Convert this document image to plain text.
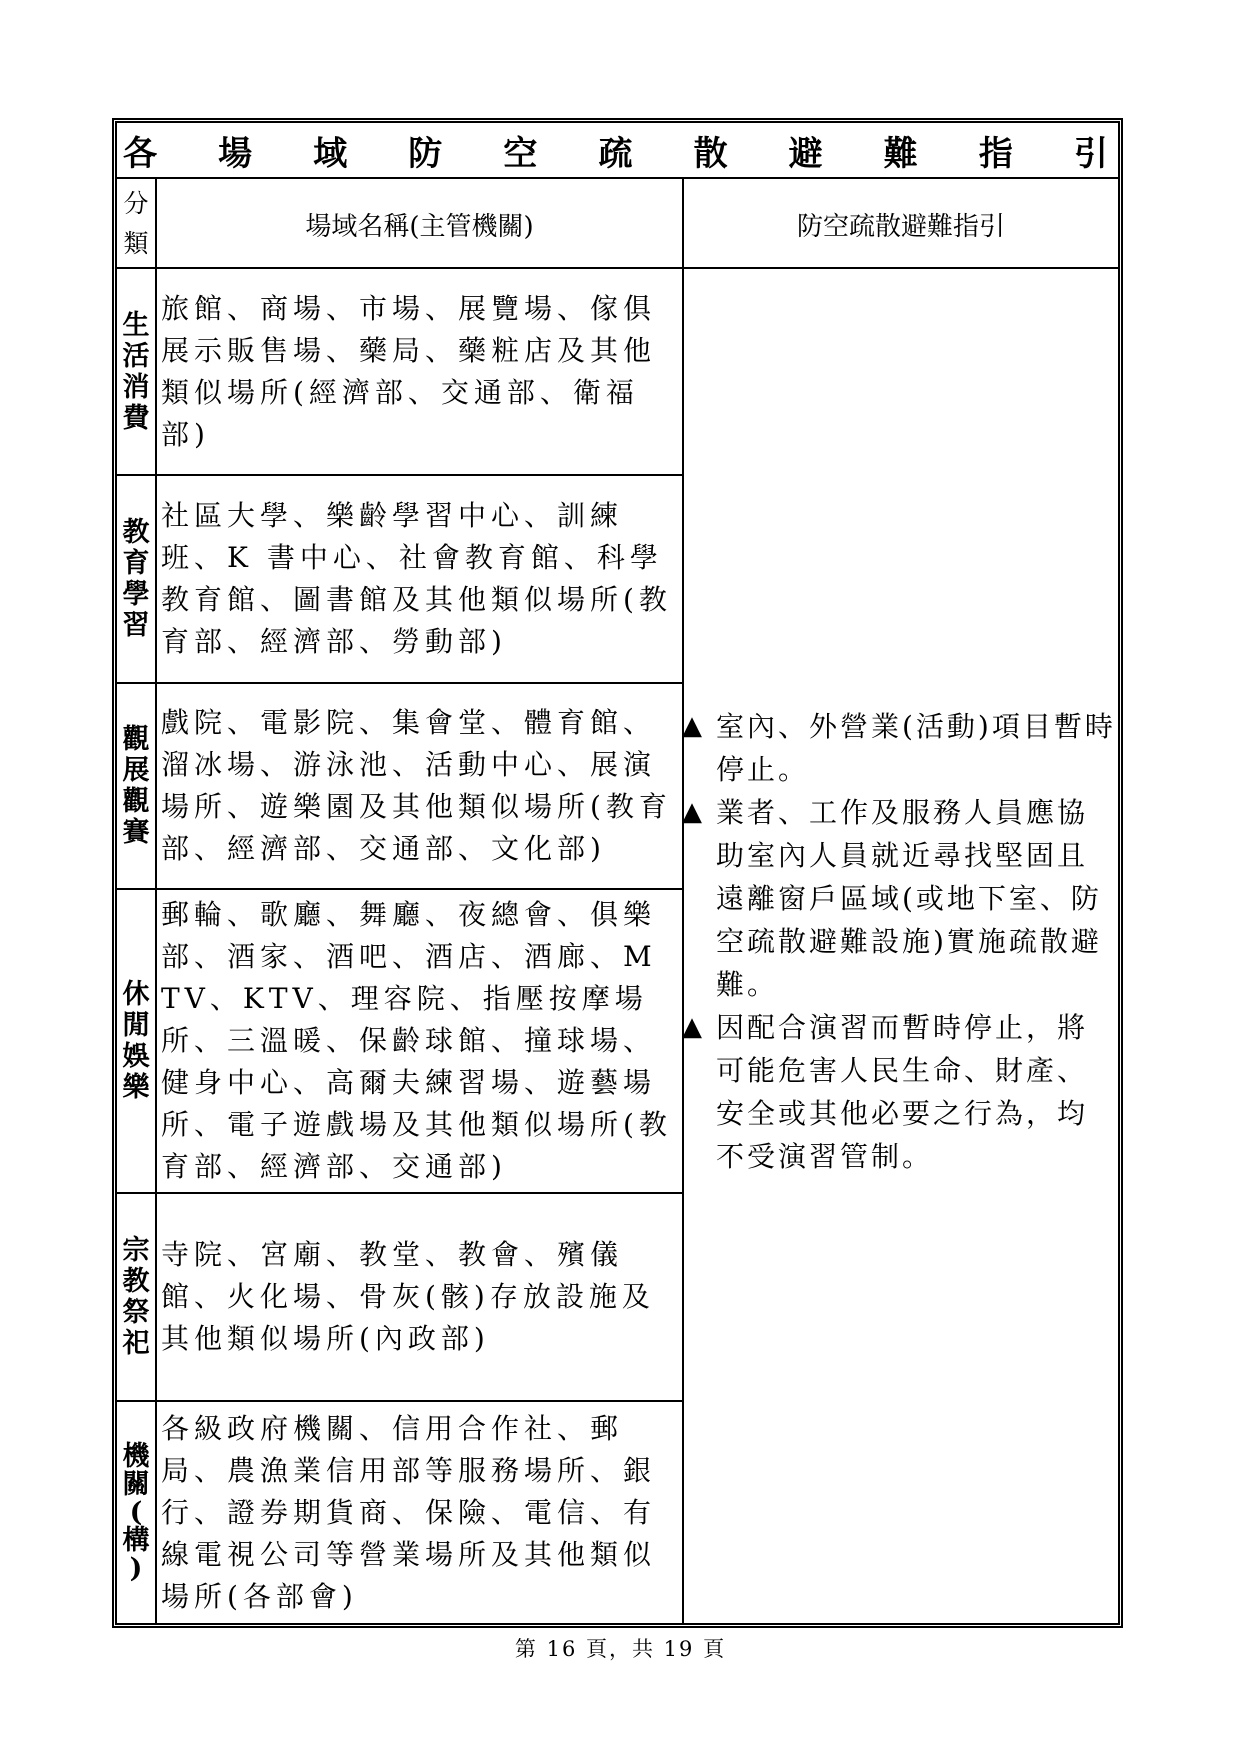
各 場 域 防 空 疏 散 避 難 指 引
分
類
場域名稱(主管機關)	防空疏散避難指引
生
活
消
費
旅館、商場、市場、展覽場、傢俱展示販售場、藥局、藥粧店及其他類似場所(經濟部、交通部、衛福部)
教
育
學
習
社區大學、樂齡學習中心、訓練班、K 書中心、社會教育館、科學教育館、圖書館及其他類似場所(教育部、經濟部、勞動部)
觀
展
觀
賽
戲院、電影院、集會堂、體育館、溜冰場、游泳池、活動中心、展演場所、遊樂園及其他類似場所(教育部、經濟部、交通部、文化部)
休
閒
娛
樂
郵輪、歌廳、舞廳、夜總會、俱樂部、酒家、酒吧、酒店、酒廊、MTV、KTV、理容院、指壓按摩場所、三溫暖、保齡球館、撞球場、健身中心、高爾夫練習場、遊藝場所、電子遊戲場及其他類似場所(教育部、經濟部、交通部)
宗
教
祭
祀
寺院、宮廟、教堂、教會、殯儀館、火化場、骨灰(骸)存放設施及其他類似場所(內政部)
機
關
(
構
)
各級政府機關、信用合作社、郵局、農漁業信用部等服務場所、銀行、證券期貨商、保險、電信、有線電視公司等營業場所及其他類似場所(各部會)
▲ 室內、外營業(活動)項目暫時停止。
▲ 業者、工作及服務人員應協助室內人員就近尋找堅固且遠離窗戶區域(或地下室、防空疏散避難設施)實施疏散避難。
▲ 因配合演習而暫時停止，將可能危害人民生命、財產、安全或其他必要之行為，均不受演習管制。
第 16 頁，共 19 頁
